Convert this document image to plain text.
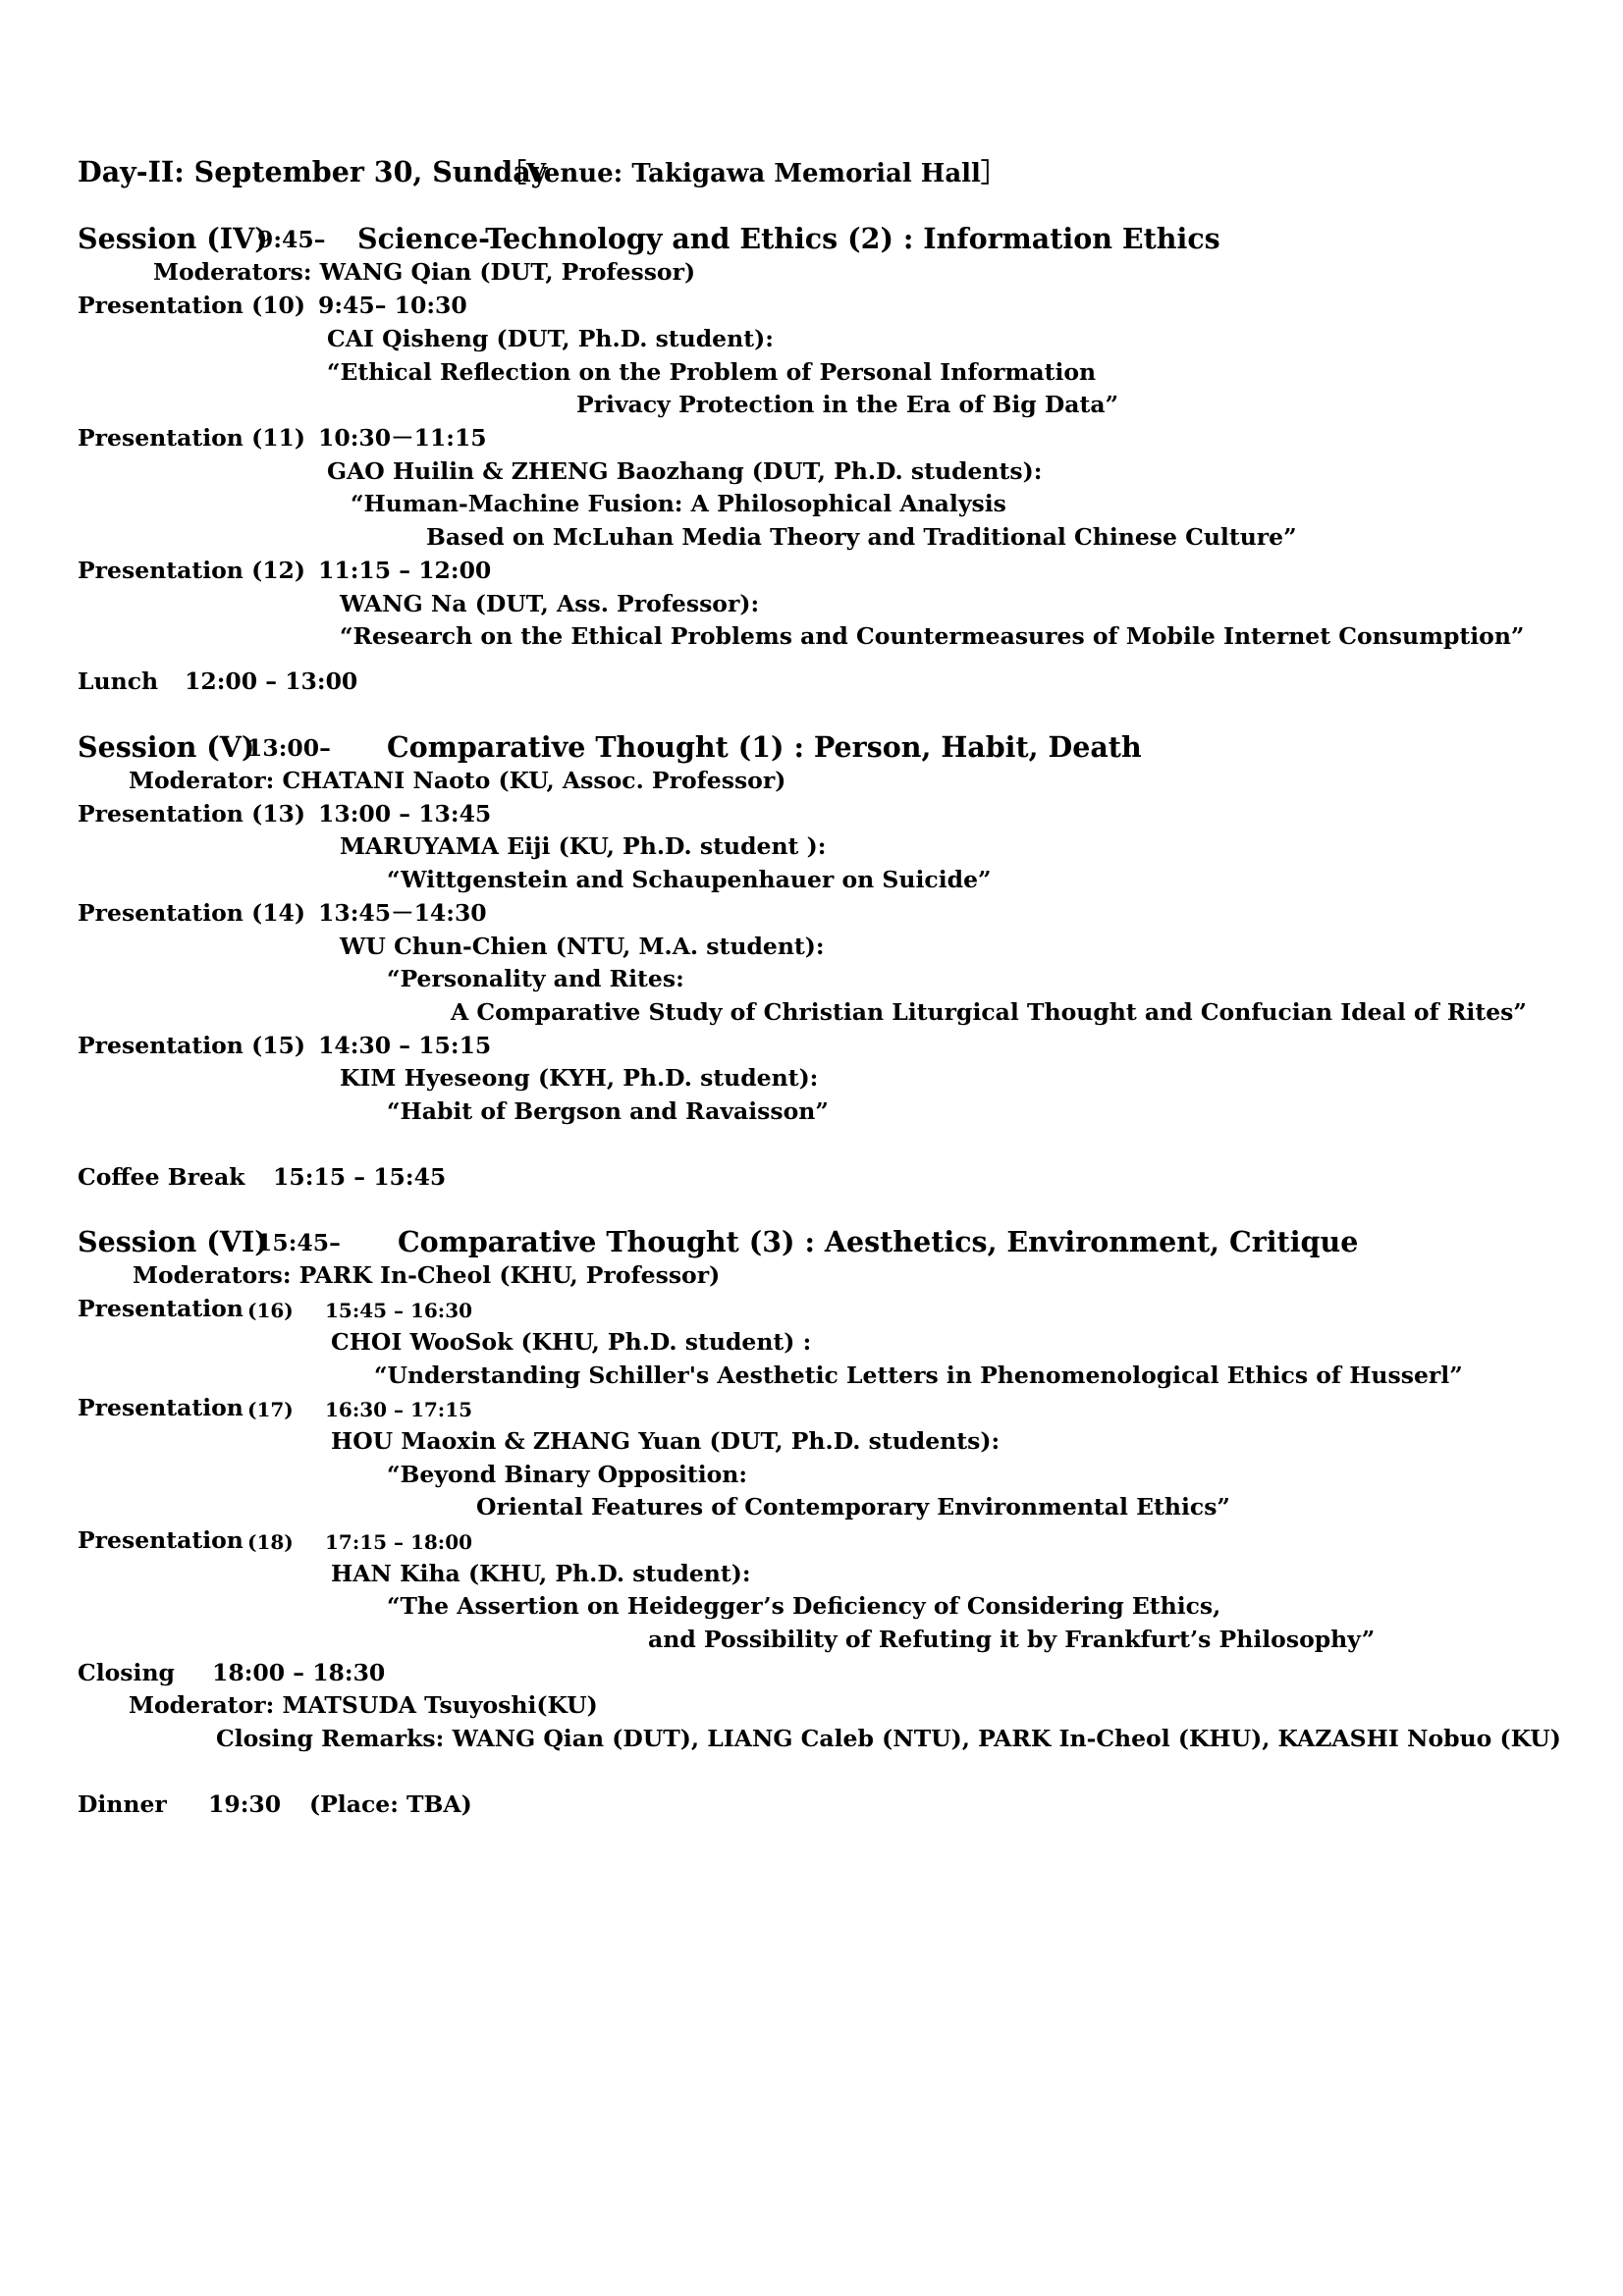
Day-II: September 30, Sunday
［Venue: Takigawa Memorial Hall］
Session (IV)
9:45– Science-Technology and Ethics (2) : Information Ethics
Moderators: WANG Qian (DUT, Professor)
Presentation (10) 9:45– 10:30
CAI Qisheng (DUT, Ph.D. student):
“Ethical Reflection on the Problem of Personal Information
Privacy Protection in the Era of Big Data”
Presentation (11) 10:30－11:15
GAO Huilin & ZHENG Baozhang (DUT, Ph.D. students):
“Human-Machine Fusion: A Philosophical Analysis
Based on McLuhan Media Theory and Traditional Chinese Culture”
Presentation (12) 11:15 – 12:00
WANG Na (DUT, Ass. Professor):
“Research on the Ethical Problems and Countermeasures of Mobile Internet Consumption”
Lunch 12:00 – 13:00
Session (V)
13:00– Comparative Thought (1) : Person, Habit, Death
Moderator: CHATANI Naoto (KU, Assoc. Professor)
Presentation (13) 13:00 – 13:45
MARUYAMA Eiji (KU, Ph.D. student ):
“Wittgenstein and Schaupenhauer on Suicide”
Presentation (14) 13:45－14:30
WU Chun-Chien (NTU, M.A. student):
“Personality and Rites:
A Comparative Study of Christian Liturgical Thought and Confucian Ideal of Rites”
Presentation (15) 14:30 – 15:15
KIM Hyeseong (KYH, Ph.D. student):
“Habit of Bergson and Ravaisson”
Coffee Break 15:15 – 15:45
Session (VI)
15:45– Comparative Thought (3) : Aesthetics, Environment, Critique
Moderators: PARK In-Cheol (KHU, Professor)
Presentation (16) 15:45 – 16:30
CHOI WooSok (KHU, Ph.D. student) :
“Understanding Schiller's Aesthetic Letters in Phenomenological Ethics of Husserl”
Presentation (17) 16:30 – 17:15
HOU Maoxin & ZHANG Yuan (DUT, Ph.D. students):
“Beyond Binary Opposition:
Oriental Features of Contemporary Environmental Ethics”
Presentation (18) 17:15 – 18:00
HAN Kiha (KHU, Ph.D. student):
“The Assertion on Heidegger’s Deficiency of Considering Ethics,
and Possibility of Refuting it by Frankfurt’s Philosophy”
Closing 18:00 – 18:30
Moderator: MATSUDA Tsuyoshi(KU)
Closing Remarks: WANG Qian (DUT), LIANG Caleb (NTU), PARK In-Cheol (KHU), KAZASHI Nobuo (KU)
Dinner 19:30 (Place: TBA)
